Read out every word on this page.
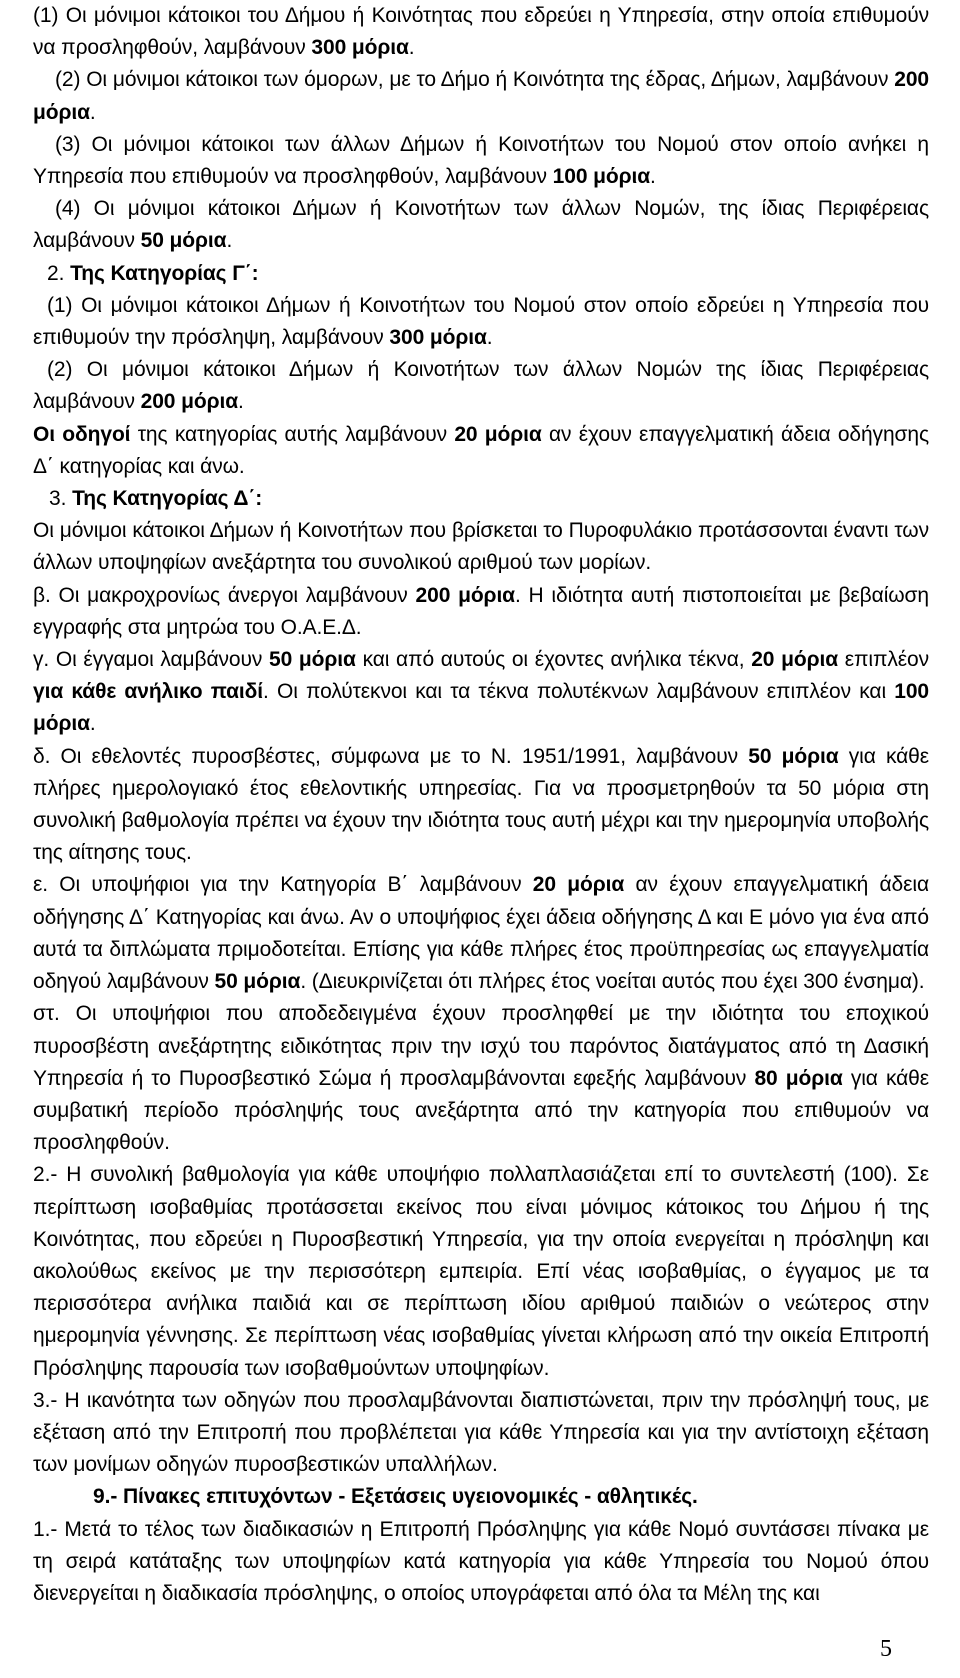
(1) Οι μόνιμοι κάτοικοι του Δήμου ή Κοινότητας που εδρεύει η Υπηρεσία, στην οποία επιθυμούν να προσληφθούν, λαμβάνουν 300 μόρια.

(2) Οι μόνιμοι κάτοικοι των όμορων, με το Δήμο ή Κοινότητα της έδρας, Δήμων, λαμβάνουν 200 μόρια.

(3) Οι μόνιμοι κάτοικοι των άλλων Δήμων ή Κοινοτήτων του Νομού στον οποίο ανήκει η Υπηρεσία που επιθυμούν να προσληφθούν, λαμβάνουν 100 μόρια.

(4) Οι μόνιμοι κάτοικοι Δήμων ή Κοινοτήτων των άλλων Νομών, της ίδιας Περιφέρειας λαμβάνουν 50 μόρια.

2. Της Κατηγορίας Γ΄:

(1) Οι μόνιμοι κάτοικοι Δήμων ή Κοινοτήτων του Νομού στον οποίο εδρεύει η Υπηρεσία που επιθυμούν την πρόσληψη, λαμβάνουν 300 μόρια.

(2) Οι μόνιμοι κάτοικοι Δήμων ή Κοινοτήτων των άλλων Νομών της ίδιας Περιφέρειας λαμβάνουν 200 μόρια.

Οι οδηγοί της κατηγορίας αυτής λαμβάνουν 20 μόρια αν έχουν επαγγελματική άδεια οδήγησης Δ΄ κατηγορίας και άνω.

3. Της Κατηγορίας Δ΄:

Οι μόνιμοι κάτοικοι Δήμων ή Κοινοτήτων που βρίσκεται το Πυροφυλάκιο προτάσσονται έναντι των άλλων υποψηφίων ανεξάρτητα του συνολικού αριθμού των μορίων.

β. Οι μακροχρονίως άνεργοι λαμβάνουν 200 μόρια. Η ιδιότητα αυτή πιστοποιείται με βεβαίωση εγγραφής στα μητρώα του Ο.Α.Ε.Δ.

γ. Οι έγγαμοι λαμβάνουν 50 μόρια και από αυτούς οι έχοντες ανήλικα τέκνα, 20 μόρια επιπλέον για κάθε ανήλικο παιδί. Οι πολύτεκνοι και τα τέκνα πολυτέκνων λαμβάνουν επιπλέον και 100 μόρια.

δ. Οι εθελοντές πυροσβέστες, σύμφωνα με το Ν. 1951/1991, λαμβάνουν 50 μόρια για κάθε πλήρες ημερολογιακό έτος εθελοντικής υπηρεσίας. Για να προσμετρηθούν τα 50 μόρια στη συνολική βαθμολογία πρέπει να έχουν την ιδιότητα τους αυτή μέχρι και την ημερομηνία υποβολής της αίτησης τους.

ε. Οι υποψήφιοι για την Κατηγορία Β΄ λαμβάνουν 20 μόρια αν έχουν επαγγελματική άδεια οδήγησης Δ΄ Κατηγορίας και άνω. Αν ο υποψήφιος έχει άδεια οδήγησης Δ και Ε μόνο για ένα από αυτά τα διπλώματα πριμοδοτείται. Επίσης για κάθε πλήρες έτος προϋπηρεσίας ως επαγγελματία οδηγού λαμβάνουν 50 μόρια. (Διευκρινίζεται ότι πλήρες έτος νοείται αυτός που έχει 300 ένσημα).

στ. Οι υποψήφιοι που αποδεδειγμένα έχουν προσληφθεί με την ιδιότητα του εποχικού πυροσβέστη ανεξάρτητης ειδικότητας πριν την ισχύ του παρόντος διατάγματος από τη Δασική Υπηρεσία ή το Πυροσβεστικό Σώμα ή προσλαμβάνονται εφεξής λαμβάνουν 80 μόρια για κάθε συμβατική περίοδο πρόσληψής τους ανεξάρτητα από την κατηγορία που επιθυμούν να προσληφθούν.

2.- Η συνολική βαθμολογία για κάθε υποψήφιο πολλαπλασιάζεται επί το συντελεστή (100). Σε περίπτωση ισοβαθμίας προτάσσεται εκείνος που είναι μόνιμος κάτοικος του Δήμου ή της Κοινότητας, που εδρεύει η Πυροσβεστική Υπηρεσία, για την οποία ενεργείται η πρόσληψη και ακολούθως εκείνος με την περισσότερη εμπειρία. Επί νέας ισοβαθμίας, ο έγγαμος με τα περισσότερα ανήλικα παιδιά και σε περίπτωση ιδίου αριθμού παιδιών ο νεώτερος στην ημερομηνία γέννησης. Σε περίπτωση νέας ισοβαθμίας γίνεται κλήρωση από την οικεία Επιτροπή Πρόσληψης παρουσία των ισοβαθμούντων υποψηφίων.

3.- Η ικανότητα των οδηγών που προσλαμβάνονται διαπιστώνεται, πριν την πρόσληψή τους, με εξέταση από την Επιτροπή που προβλέπεται για κάθε Υπηρεσία και για την αντίστοιχη εξέταση των μονίμων οδηγών πυροσβεστικών υπαλλήλων.

9.- Πίνακες επιτυχόντων - Εξετάσεις υγειονομικές - αθλητικές.

1.- Μετά το τέλος των διαδικασιών η Επιτροπή Πρόσληψης για κάθε Νομό συντάσσει πίνακα με τη σειρά κατάταξης των υποψηφίων κατά κατηγορία για κάθε Υπηρεσία του Νομού όπου διενεργείται η διαδικασία πρόσληψης, ο οποίος υπογράφεται από όλα τα Μέλη της και

5
